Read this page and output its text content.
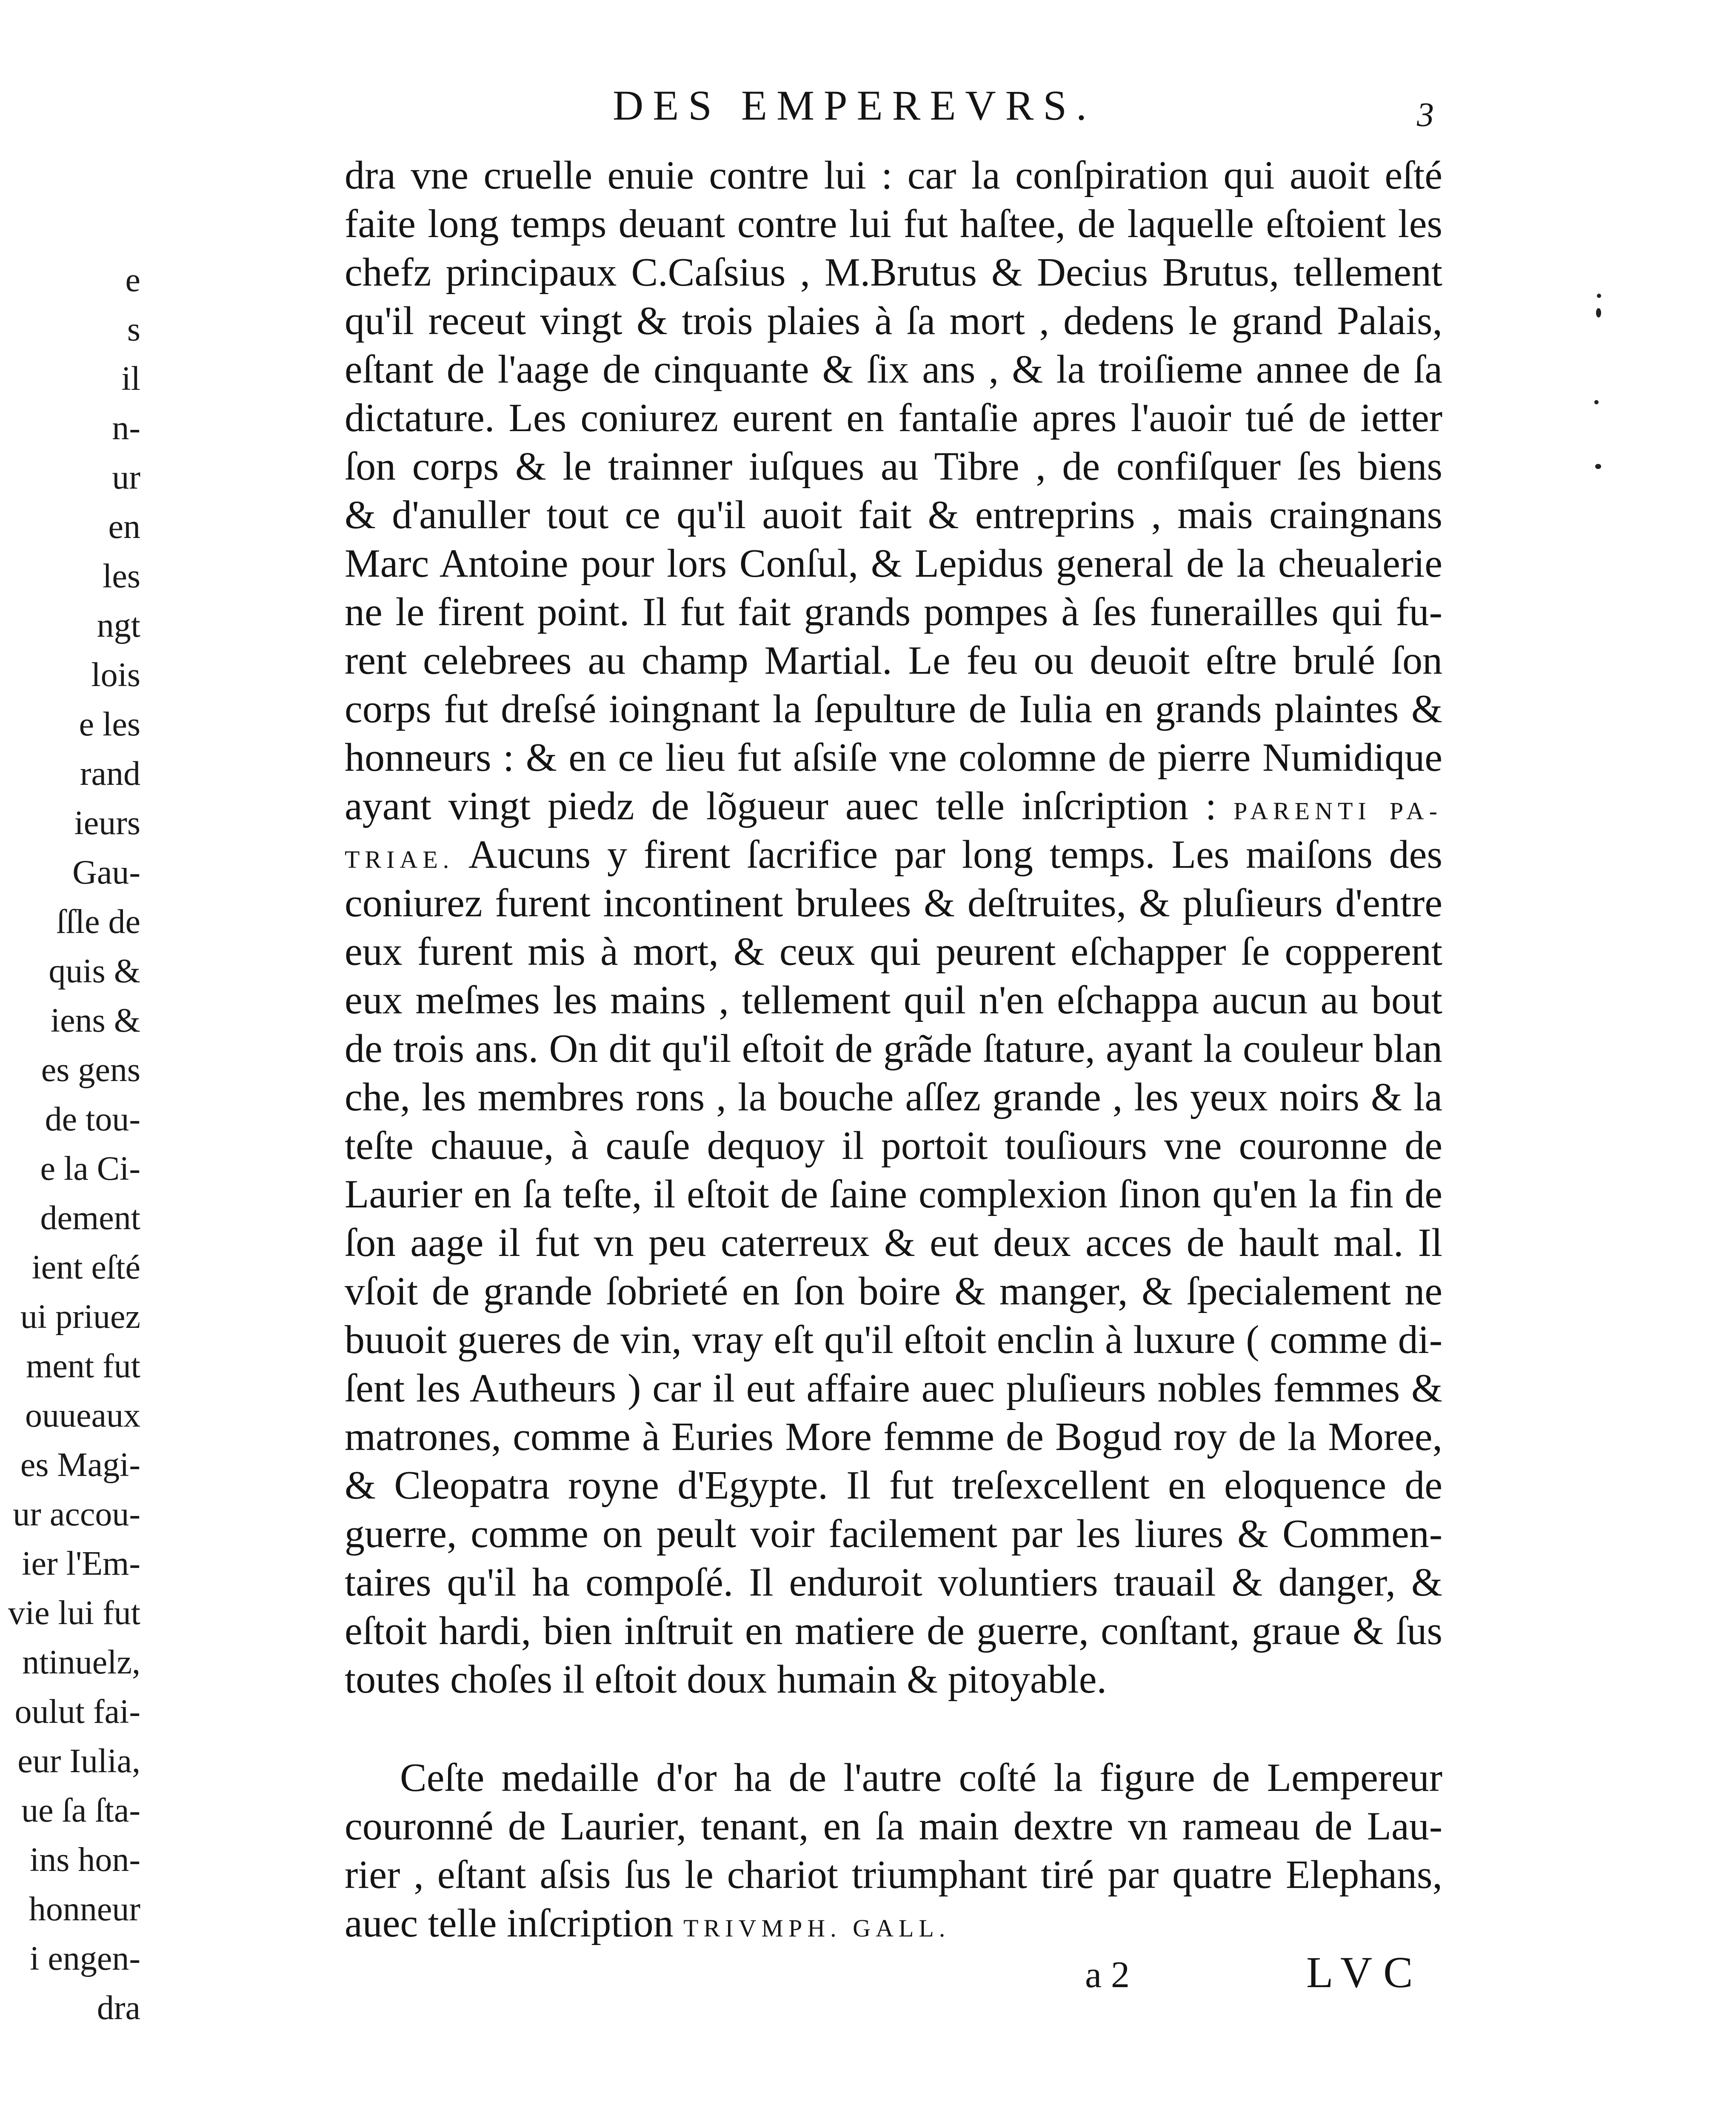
e
s
il
n-
ur
en
les
ngt
lois
e les
rand
ieurs
Gau-
ſſle de
quis &
iens &
es gens
de tou-
e la Ci-
dement
ient eſté
ui priuez
ment fut
ouueaux
es Magi-
ur accou-
ier l'Em-
vie lui fut
ntinuelz,
oulut fai-
eur Iulia,
ue ſa ſta-
ins hon-
honneur
i engen-
dra
DES EMPEREVRS.	3
dra vne cruelle enuie contre lui : car la conſpiration qui auoit eſté
faite long temps deuant contre lui fut haſtee, de laquelle eſtoient les
chefz principaux C.Caſsius , M.Brutus & Decius Brutus, tellement
qu'il receut vingt & trois plaies à ſa mort , dedens le grand Palais,
eſtant de l'aage de cinquante & ſix ans , & la troiſieme annee de ſa
dictature. Les coniurez eurent en fantaſie apres l'auoir tué de ietter
ſon corps & le trainner iuſques au Tibre , de confiſquer ſes biens
& d'anuller tout ce qu'il auoit fait & entreprins , mais craingnans
Marc Antoine pour lors Conſul, & Lepidus general de la cheualerie
ne le firent point. Il fut fait grands pompes à ſes funerailles qui fu-
rent celebrees au champ Martial. Le feu ou deuoit eſtre brulé ſon
corps fut dreſsé ioingnant la ſepulture de Iulia en grands plaintes &
honneurs : & en ce lieu fut aſsiſe vne colomne de pierre Numidique
ayant vingt piedz de lõgueur auec telle inſcription : PARENTI PA-
TRIAE. Aucuns y firent ſacrifice par long temps. Les maiſons des
coniurez furent incontinent brulees & deſtruites, & pluſieurs d'entre
eux furent mis à mort, & ceux qui peurent eſchapper ſe copperent
eux meſmes les mains , tellement quil n'en eſchappa aucun au bout
de trois ans. On dit qu'il eſtoit de grãde ſtature, ayant la couleur blan
che, les membres rons , la bouche aſſez grande , les yeux noirs & la
teſte chauue, à cauſe dequoy il portoit touſiours vne couronne de
Laurier en ſa teſte, il eſtoit de ſaine complexion ſinon qu'en la fin de
ſon aage il fut vn peu caterreux & eut deux acces de hault mal. Il
vſoit de grande ſobrieté en ſon boire & manger, & ſpecialement ne
buuoit gueres de vin, vray eſt qu'il eſtoit enclin à luxure ( comme di-
ſent les Autheurs ) car il eut affaire auec pluſieurs nobles femmes &
matrones, comme à Euries More femme de Bogud roy de la Moree,
& Cleopatra royne d'Egypte. Il fut treſexcellent en eloquence de
guerre, comme on peult voir facilement par les liures & Commen-
taires qu'il ha compoſé. Il enduroit voluntiers trauail & danger, &
eſtoit hardi, bien inſtruit en matiere de guerre, conſtant, graue & ſus
toutes choſes il eſtoit doux humain & pitoyable.
Ceſte medaille d'or ha de l'autre coſté la figure de Lempereur
couronné de Laurier, tenant, en ſa main dextre vn rameau de Lau-
rier , eſtant aſsis ſus le chariot triumphant tiré par quatre Elephans,
auec telle inſcription TRIVMPH. GALL.
a 2	LVC
